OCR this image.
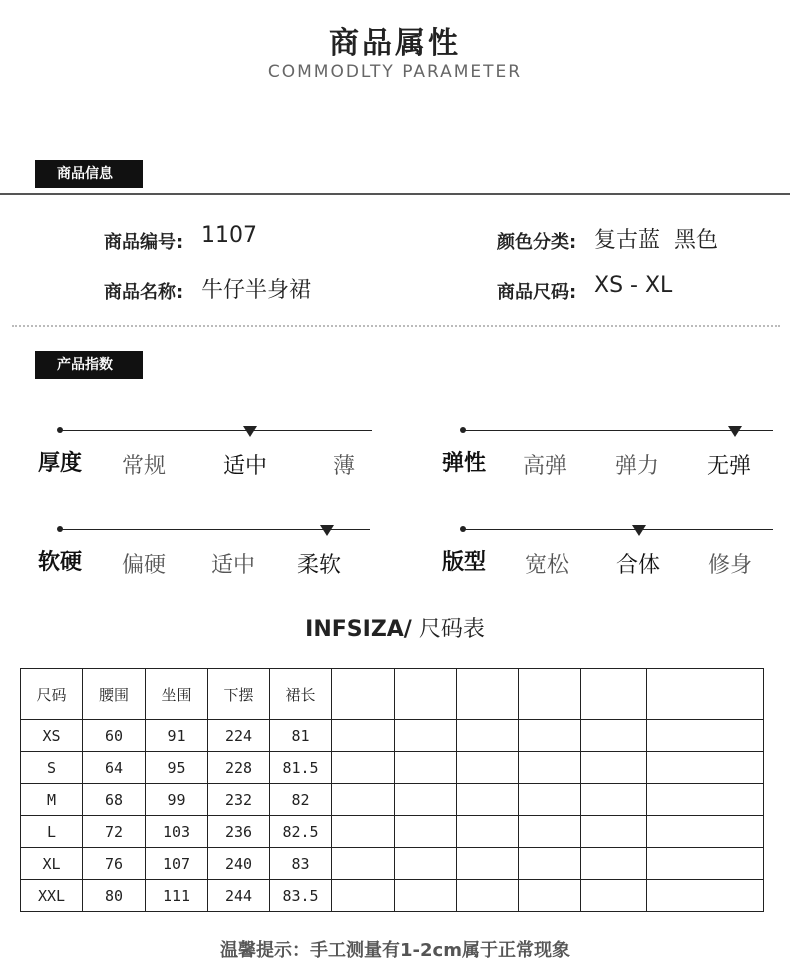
商品属性
COMMODLTY PARAMETER
商品信息
商品编号: 1107	颜色分类: 复古蓝  黑色
商品名称: 牛仔半身裙	商品尺码: XS - XL
产品指数
厚度 常规	适中	薄	弹性 高弹 弹力 无弹
软硬 偏硬 适中 柔软	版型 宽松 合体 修身
INFSIZA/ 尺码表
尺码	腰围	坐围	下摆	裙长						
XS	60	91	224	81						
S	64	95	228	81.5						
M	68	99	232	82						
L	72	103	236	82.5						
XL	76	107	240	83						
XXL	80	111	244	83.5						
温馨提示：手工测量有1-2cm属于正常现象
